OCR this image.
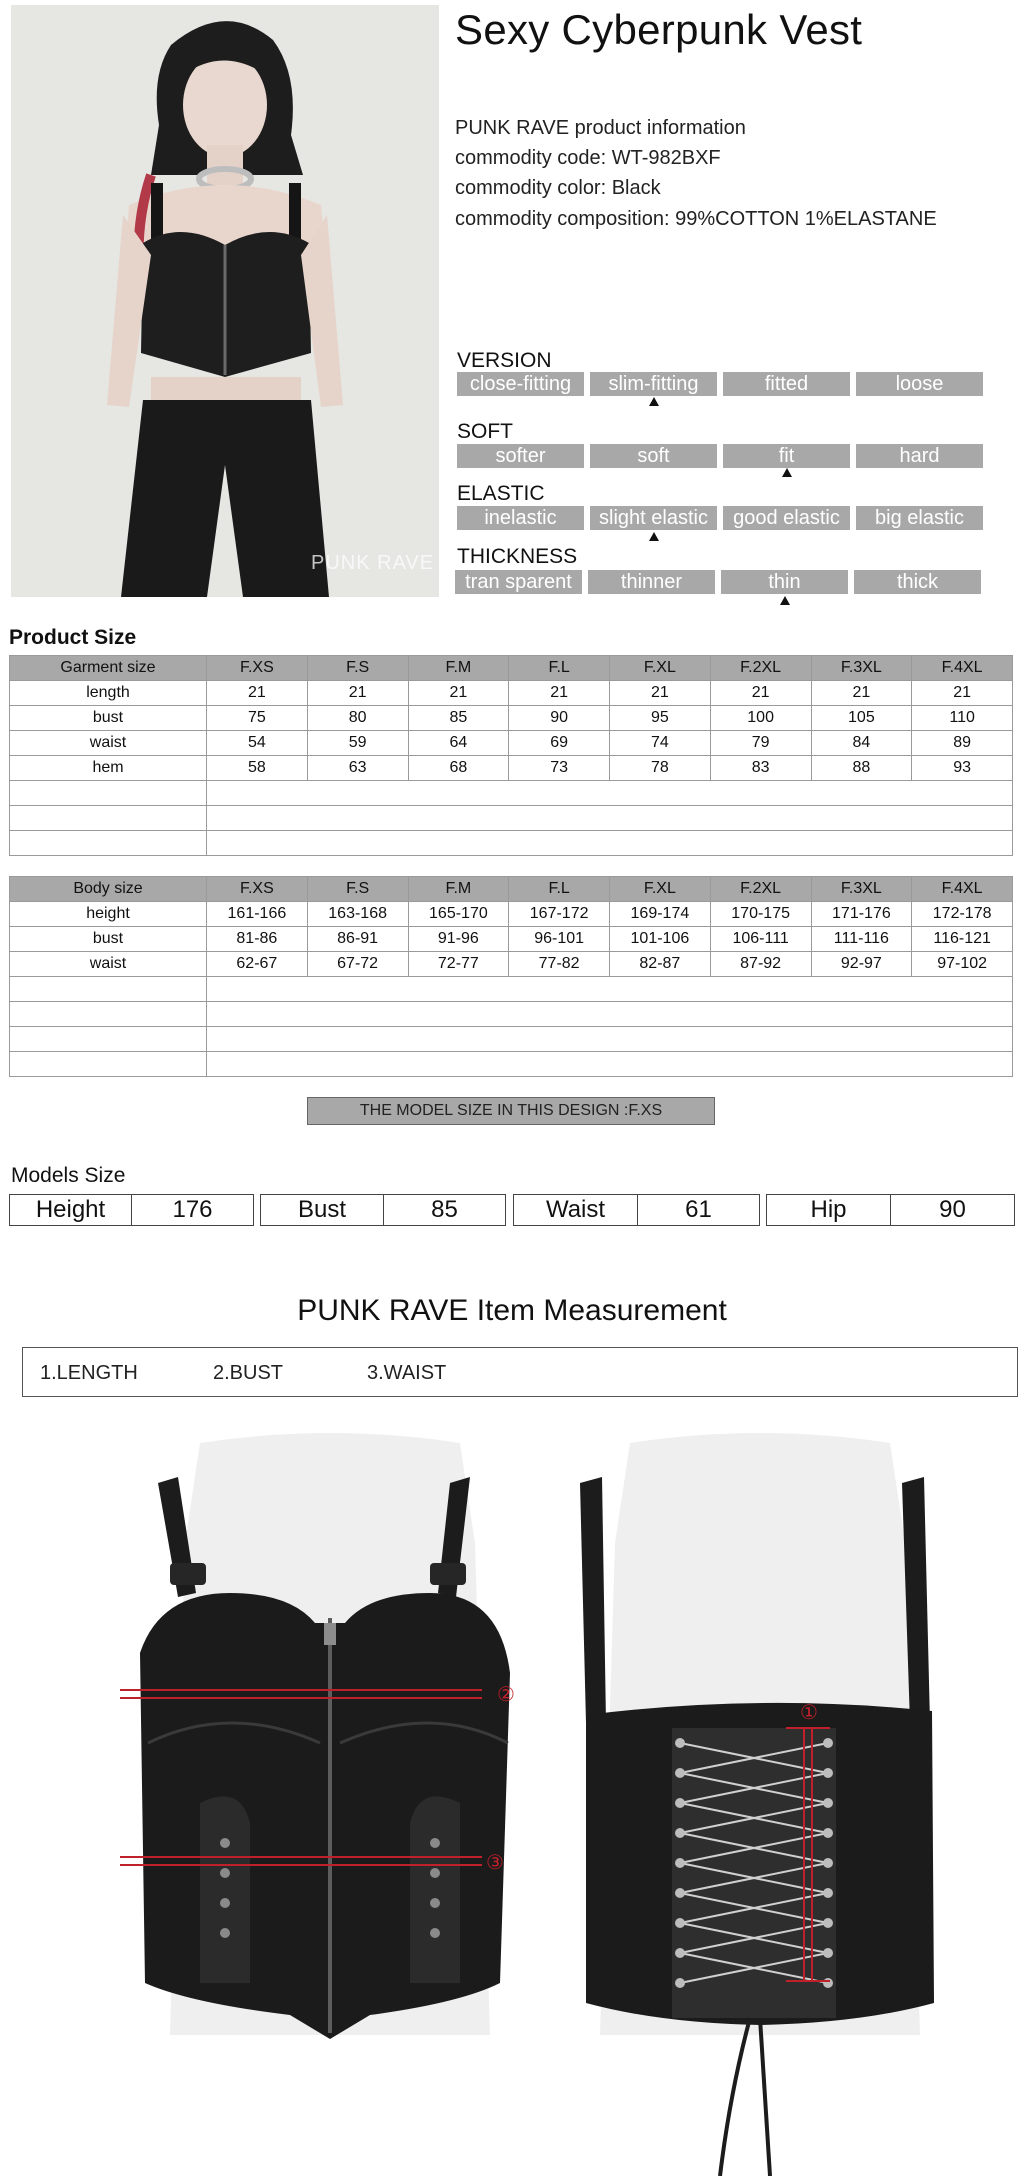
PUNK RAVE
Sexy Cyberpunk Vest
PUNK RAVE product information
commodity code: WT-982BXF
commodity color: Black
commodity composition: 99%COTTON 1%ELASTANE
VERSION
close-fitting	slim-fitting	fitted	loose
SOFT
softer	soft	fit	hard
ELASTIC
inelastic	slight elastic	good elastic	big elastic
THICKNESS
tran sparent	thinner	thin	thick
Product Size
Garment size	F.XS	F.S	F.M	F.L	F.XL	F.2XL	F.3XL	F.4XL
length	21	21	21	21	21	21	21	21
bust	75	80	85	90	95	100	105	110
waist	54	59	64	69	74	79	84	89
hem	58	63	68	73	78	83	88	93

Body size	F.XS	F.S	F.M	F.L	F.XL	F.2XL	F.3XL	F.4XL
height	161-166	163-168	165-170	167-172	169-174	170-175	171-176	172-178
bust	81-86	86-91	91-96	96-101	101-106	106-111	111-116	116-121
waist	62-67	67-72	72-77	77-82	82-87	87-92	92-97	97-102

THE MODEL SIZE IN THIS DESIGN :F.XS
Models Size
Height	176	Bust	85	Waist	61	Hip	90
PUNK RAVE Item Measurement
1.LENGTH	2.BUST	3.WAIST
②
③
①
